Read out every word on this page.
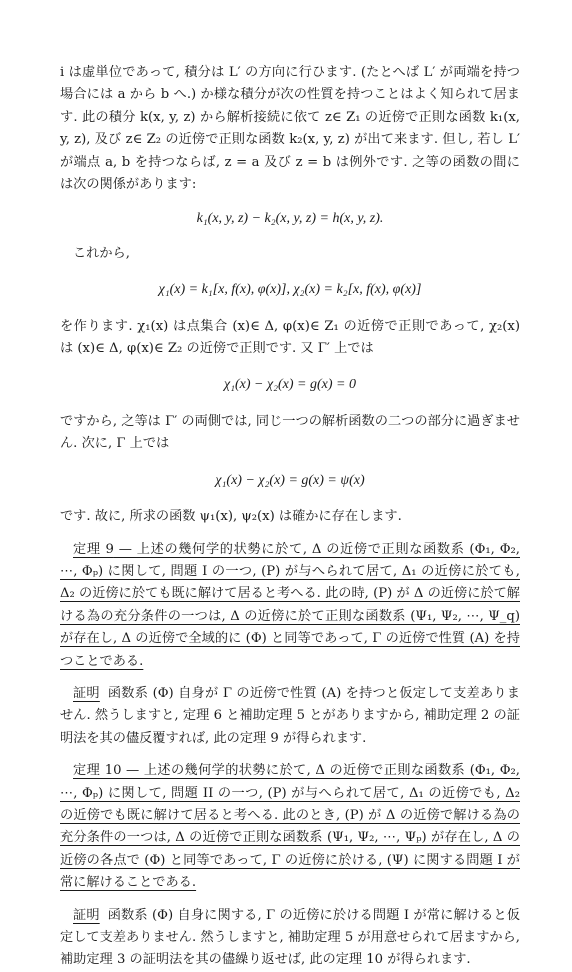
i は虚単位であって, 積分は L′ の方向に行ひます. (たとへば L′ が両端を持つ場合には a から b へ.) か様な積分が次の性質を持つことはよく知られて居ます. 此の積分 k(x, y, z) から解析接続に依て z∈ Z₁ の近傍で正則な函数 k₁(x, y, z), 及び z∈ Z₂ の近傍で正則な函数 k₂(x, y, z) が出て来ます. 但し, 若し L′ が端点 a, b を持つならば, z = a 及び z = b は例外です. 之等の函数の間には次の関係があります:

k₁(x, y, z) − k₂(x, y, z) = h(x, y, z).

これから,

χ₁(x) = k₁[x, f(x), φ(x)], χ₂(x) = k₂[x, f(x), φ(x)]

を作ります. χ₁(x) は点集合 (x)∈ Δ, φ(x)∈ Z₁ の近傍で正則であって, χ₂(x) は (x)∈ Δ, φ(x)∈ Z₂ の近傍で正則です. 又 Γ′ 上では

χ₁(x) − χ₂(x) = g(x) = 0

ですから, 之等は Γ′ の両側では, 同じ一つの解析函数の二つの部分に過ぎません. 次に, Γ 上では

χ₁(x) − χ₂(x) = g(x) = ψ(x)

です. 故に, 所求の函数 ψ₁(x), ψ₂(x) は確かに存在します.

定理 9 — 上述の幾何学的状勢に於て, Δ の近傍で正則な函数系 (Φ₁, Φ₂, ⋯, Φₚ) に関して, 問題 I の一つ, (P) が与へられて居て, Δ₁ の近傍に於ても, Δ₂ の近傍に於ても既に解けて居ると考へる. 此の時, (P) が Δ の近傍に於て解ける為の充分条件の一つは, Δ の近傍に於て正則な函数系 (Ψ₁, Ψ₂, ⋯, Ψ_q) が存在し, Δ の近傍で全域的に (Φ) と同等であって, Γ の近傍で性質 (A) を持つことである.

証明 函数系 (Φ) 自身が Γ の近傍で性質 (A) を持つと仮定して支差ありません. 然うしますと, 定理 6 と補助定理 5 とがありますから, 補助定理 2 の証明法を其の儘反覆すれば, 此の定理 9 が得られます.

定理 10 — 上述の幾何学的状勢に於て, Δ の近傍で正則な函数系 (Φ₁, Φ₂, ⋯, Φₚ) に関して, 問題 II の一つ, (P) が与へられて居て, Δ₁ の近傍でも, Δ₂ の近傍でも既に解けて居ると考へる. 此のとき, (P) が Δ の近傍で解ける為の充分条件の一つは, Δ の近傍で正則な函数系 (Ψ₁, Ψ₂, ⋯, Ψₚ) が存在し, Δ の近傍の各点で (Φ) と同等であって, Γ の近傍に於ける, (Ψ) に関する問題 I が常に解けることである.

証明 函数系 (Φ) 自身に関する, Γ の近傍に於ける問題 I が常に解けると仮定して支差ありません. 然うしますと, 補助定理 5 が用意せられて居ますから, 補助定理 3 の証明法を其の儘繰り返せば, 此の定理 10 が得られます.
